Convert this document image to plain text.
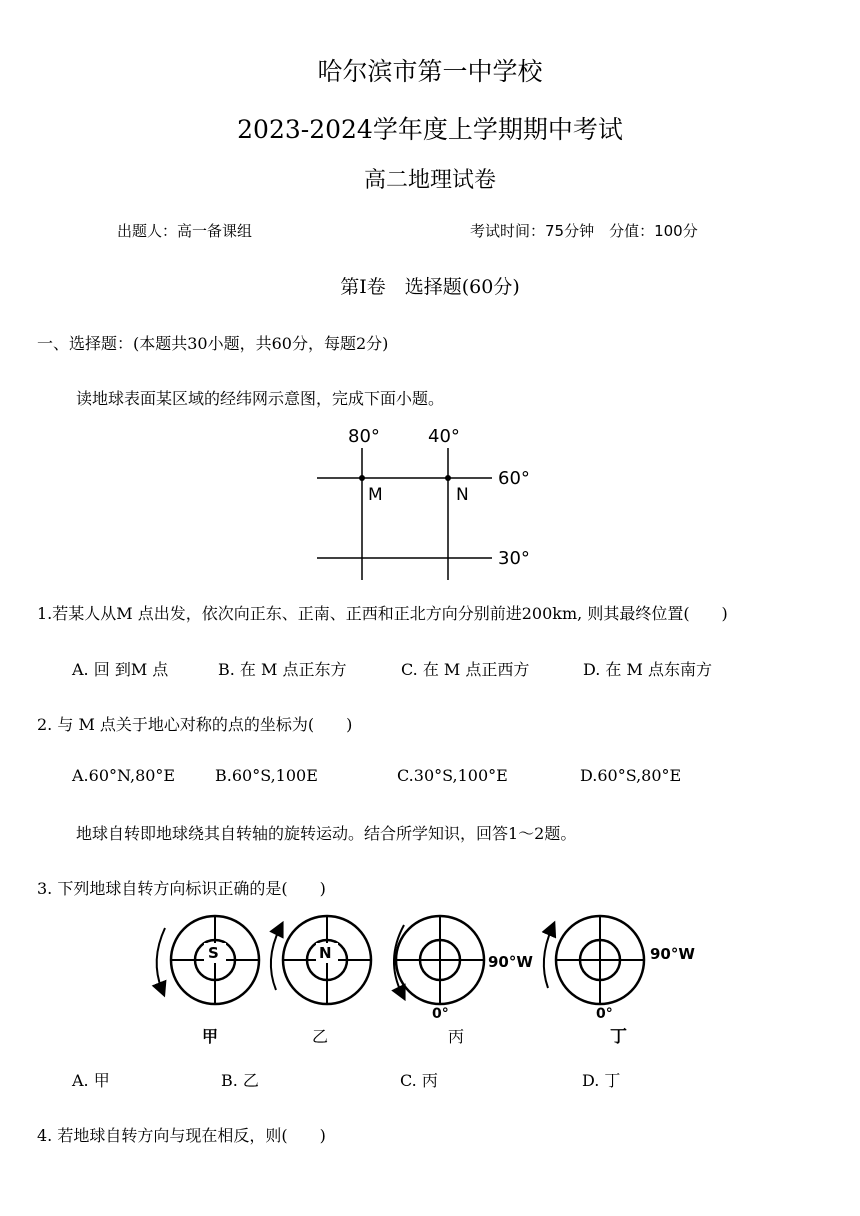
哈尔滨市第一中学校
2023-2024学年度上学期期中考试
高二地理试卷
出题人：高一备课组	考试时间：75分钟　分值：100分
第I卷　选择题(60分)
一、选择题：(本题共30小题，共60分，每题2分)
读地球表面某区域的经纬网示意图，完成下面小题。
80°	40°
60°
30°
M	N
1.若某人从M 点出发，依次向正东、正南、正西和正北方向分别前进200km, 则其最终位置(　　)
A. 回 到M 点	B. 在 M 点正东方	C. 在 M 点正西方	D. 在 M 点东南方
2. 与 M 点关于地心对称的点的坐标为(　　)
A.60°N,80°E B.60°S,100E	C.30°S,100°E	D.60°S,80°E
地球自转即地球绕其自转轴的旋转运动。结合所学知识，回答1～2题。
3. 下列地球自转方向标识正确的是(　　)
S	N	90°W
0°
90°W
0°
甲	乙	丙	丁
A. 甲	B. 乙	C. 丙	D. 丁
4. 若地球自转方向与现在相反，则(　　)
